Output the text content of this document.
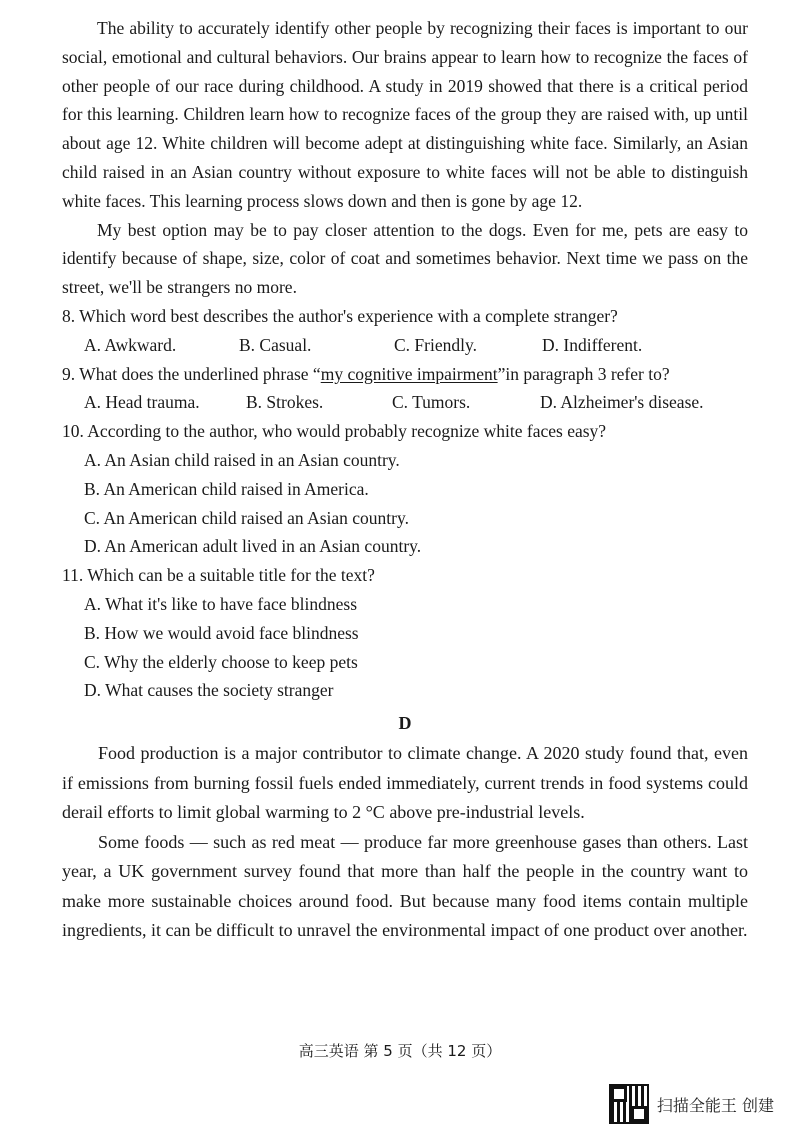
The ability to accurately identify other people by recognizing their faces is important to our social, emotional and cultural behaviors. Our brains appear to learn how to recognize the faces of other people of our race during childhood. A study in 2019 showed that there is a critical period for this learning. Children learn how to recognize faces of the group they are raised with, up until about age 12. White children will become adept at distinguishing white face. Similarly, an Asian child raised in an Asian country without exposure to white faces will not be able to distinguish white faces. This learning process slows down and then is gone by age 12.

My best option may be to pay closer attention to the dogs. Even for me, pets are easy to identify because of shape, size, color of coat and sometimes behavior. Next time we pass on the street, we'll be strangers no more.

8. Which word best describes the author's experience with a complete stranger?

A. Awkward.	B. Casual.	C. Friendly.	D. Indifferent.

9. What does the underlined phrase “my cognitive impairment”in paragraph 3 refer to?

A. Head trauma.	B. Strokes.	C. Tumors.	D. Alzheimer's disease.

10. According to the author, who would probably recognize white faces easy?

A. An Asian child raised in an Asian country.
B. An American child raised in America.
C. An American child raised an Asian country.
D. An American adult lived in an Asian country.

11. Which can be a suitable title for the text?

A. What it's like to have face blindness
B. How we would avoid face blindness
C. Why the elderly choose to keep pets
D. What causes the society stranger
D

Food production is a major contributor to climate change. A 2020 study found that, even if emissions from burning fossil fuels ended immediately, current trends in food systems could derail efforts to limit global warming to 2 °C above pre-industrial levels.

Some foods — such as red meat — produce far more greenhouse gases than others. Last year, a UK government survey found that more than half the people in the country want to make more sustainable choices around food. But because many food items contain multiple ingredients, it can be difficult to unravel the environmental impact of one product over another.

高三英语 第 5 页（共 12 页）
扫描全能王 创建
